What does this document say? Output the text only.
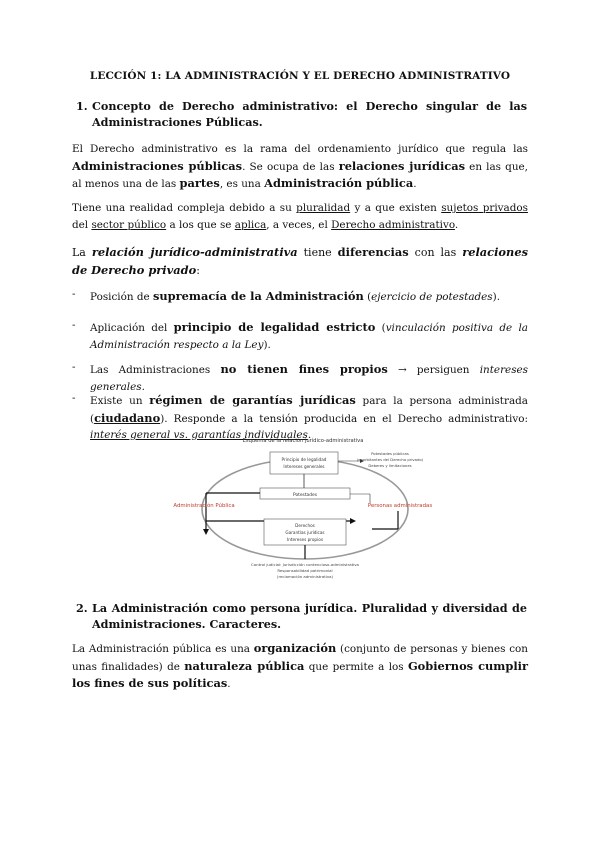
LECCIÓN 1: LA ADMINISTRACIÓN Y EL DERECHO ADMINISTRATIVO
1. Concepto de Derecho administrativo: el Derecho singular de las Administraciones Públicas.

El Derecho administrativo es la rama del ordenamiento jurídico que regula las Administraciones públicas. Se ocupa de las relaciones jurídicas en las que, al menos una de las partes, es una Administración pública.

Tiene una realidad compleja debido a su pluralidad y a que existen sujetos privados del sector público a los que se aplica, a veces, el Derecho administrativo.

La relación jurídico-administrativa tiene diferencias con las relaciones de Derecho privado:

- Posición de supremacía de la Administración (ejercicio de potestades).
- Aplicación del principio de legalidad estricto (vinculación positiva de la Administración respecto a la Ley).
- Las Administraciones no tienen fines propios → persiguen intereses generales.
- Existe un régimen de garantías jurídicas para la persona administrada (ciudadano). Responde a la tensión producida en el Derecho administrativo: interés general vs. garantías individuales.
Esquema de la relación jurídico-administrativa
Principio de legalidad
Intereses generales
Potestades públicas
(exorbitantes del Derecho privado)
Deberes y limitaciones
Potestades
Administración Pública	Personas administradas
Derechos
Garantías jurídicas
Intereses propios
Control judicial: Jurisdicción contencioso-administrativa
Responsabilidad patrimonial
(reclamación administrativa)
2. La Administración como persona jurídica. Pluralidad y diversidad de Administraciones. Caracteres.

La Administración pública es una organización (conjunto de personas y bienes con unas finalidades) de naturaleza pública que permite a los Gobiernos cumplir los fines de sus políticas.
